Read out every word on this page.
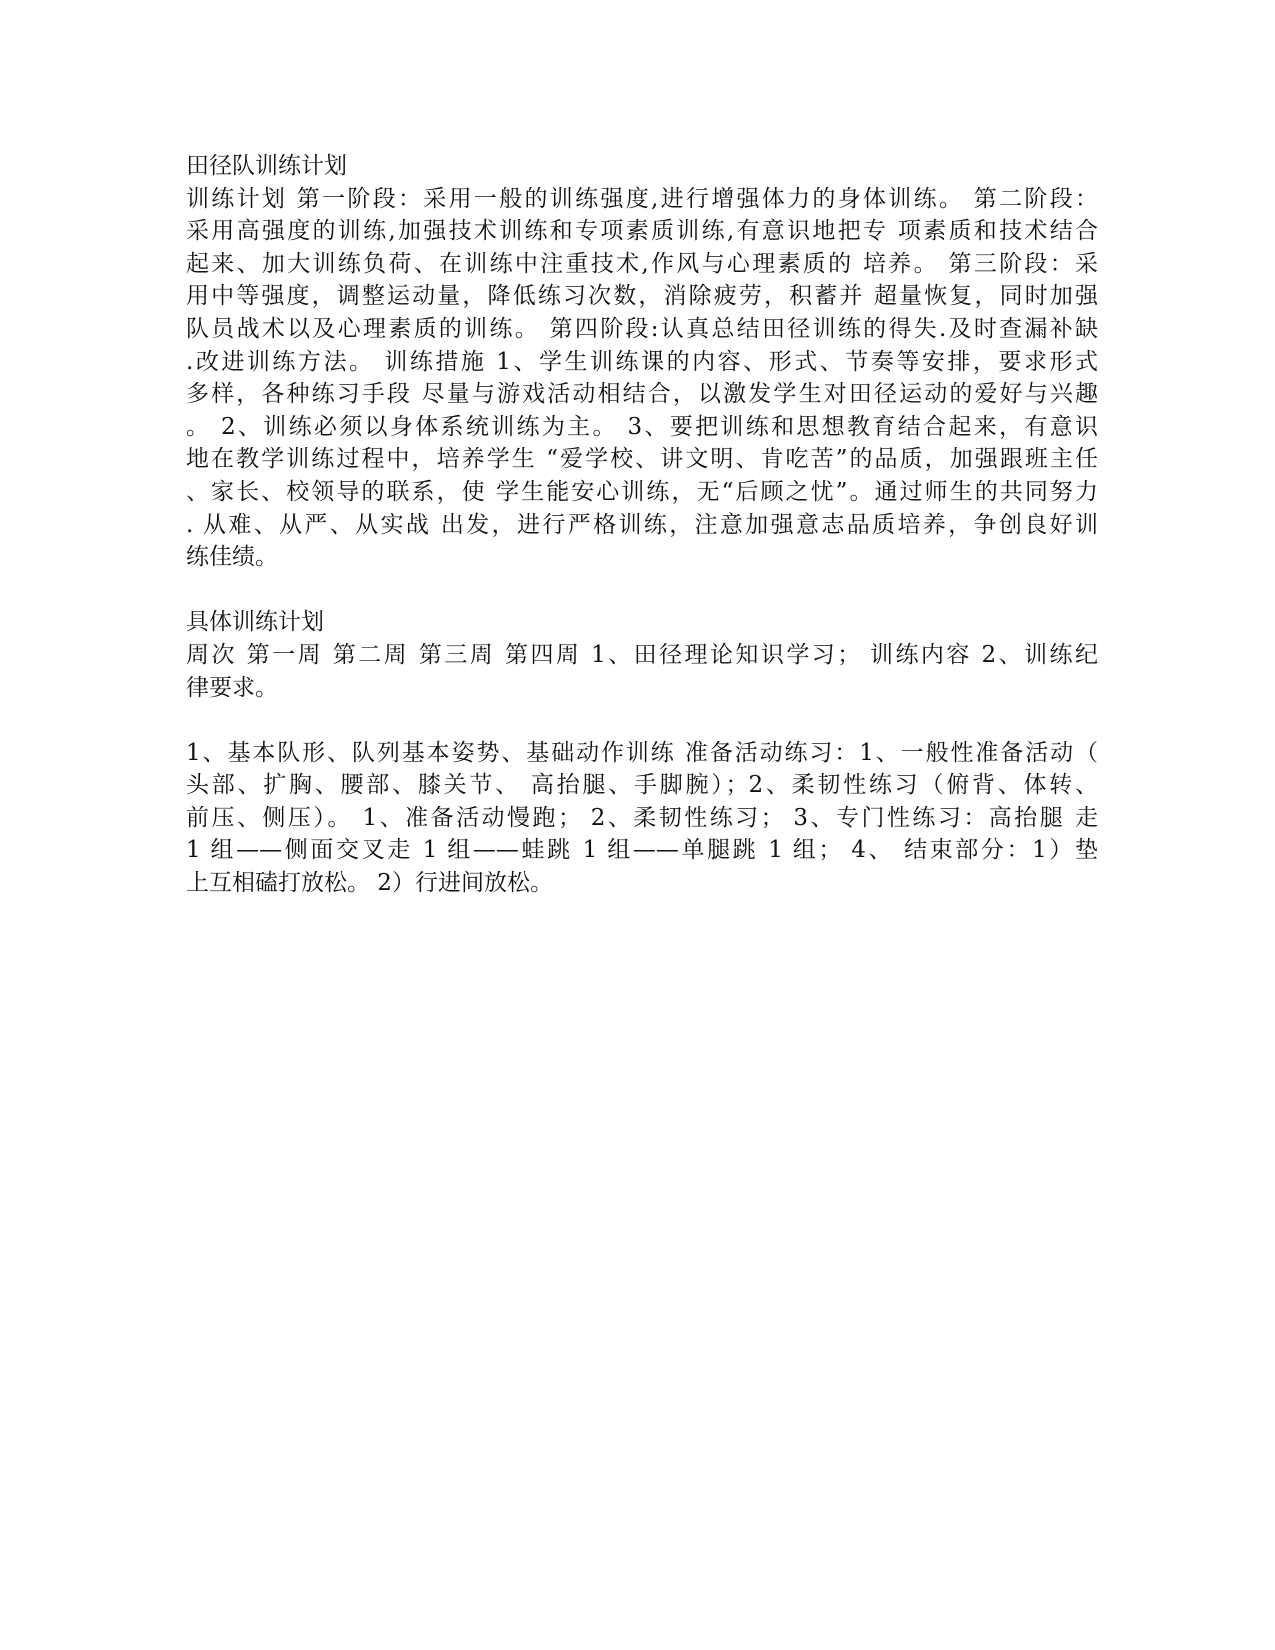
田径队训练计划
训练计划 第一阶段：采用一般的训练强度,进行增强体力的身体训练。 第二阶段：
采用高强度的训练,加强技术训练和专项素质训练,有意识地把专 项素质和技术结合
起来、加大训练负荷、在训练中注重技术,作风与心理素质的 培养。 第三阶段：采
用中等强度，调整运动量，降低练习次数，消除疲劳，积蓄并 超量恢复，同时加强
队员战术以及心理素质的训练。 第四阶段:认真总结田径训练的得失.及时查漏补缺
.改进训练方法。 训练措施 1、学生训练课的内容、形式、节奏等安排，要求形式
多样，各种练习手段 尽量与游戏活动相结合，以激发学生对田径运动的爱好与兴趣
。 2、训练必须以身体系统训练为主。 3、要把训练和思想教育结合起来，有意识
地在教学训练过程中，培养学生 “爱学校、讲文明、肯吃苦”的品质，加强跟班主任
、家长、校领导的联系，使 学生能安心训练，无“后顾之忧”。通过师生的共同努力
. 从难、从严、从实战 出发，进行严格训练，注意加强意志品质培养，争创良好训
练佳绩。
具体训练计划
周次 第一周 第二周 第三周 第四周 1、田径理论知识学习； 训练内容 2、训练纪
律要求。
1、基本队形、队列基本姿势、基础动作训练 准备活动练习：1、一般性准备活动（
头部、扩胸、腰部、膝关节、 高抬腿、手脚腕）；2、柔韧性练习（俯背、体转、
前压、侧压）。 1、准备活动慢跑； 2、柔韧性练习； 3、专门性练习：高抬腿 走
1 组——侧面交叉走 1 组——蛙跳 1 组——单腿跳 1 组； 4、 结束部分：1）垫
上互相磕打放松。 2）行进间放松。
